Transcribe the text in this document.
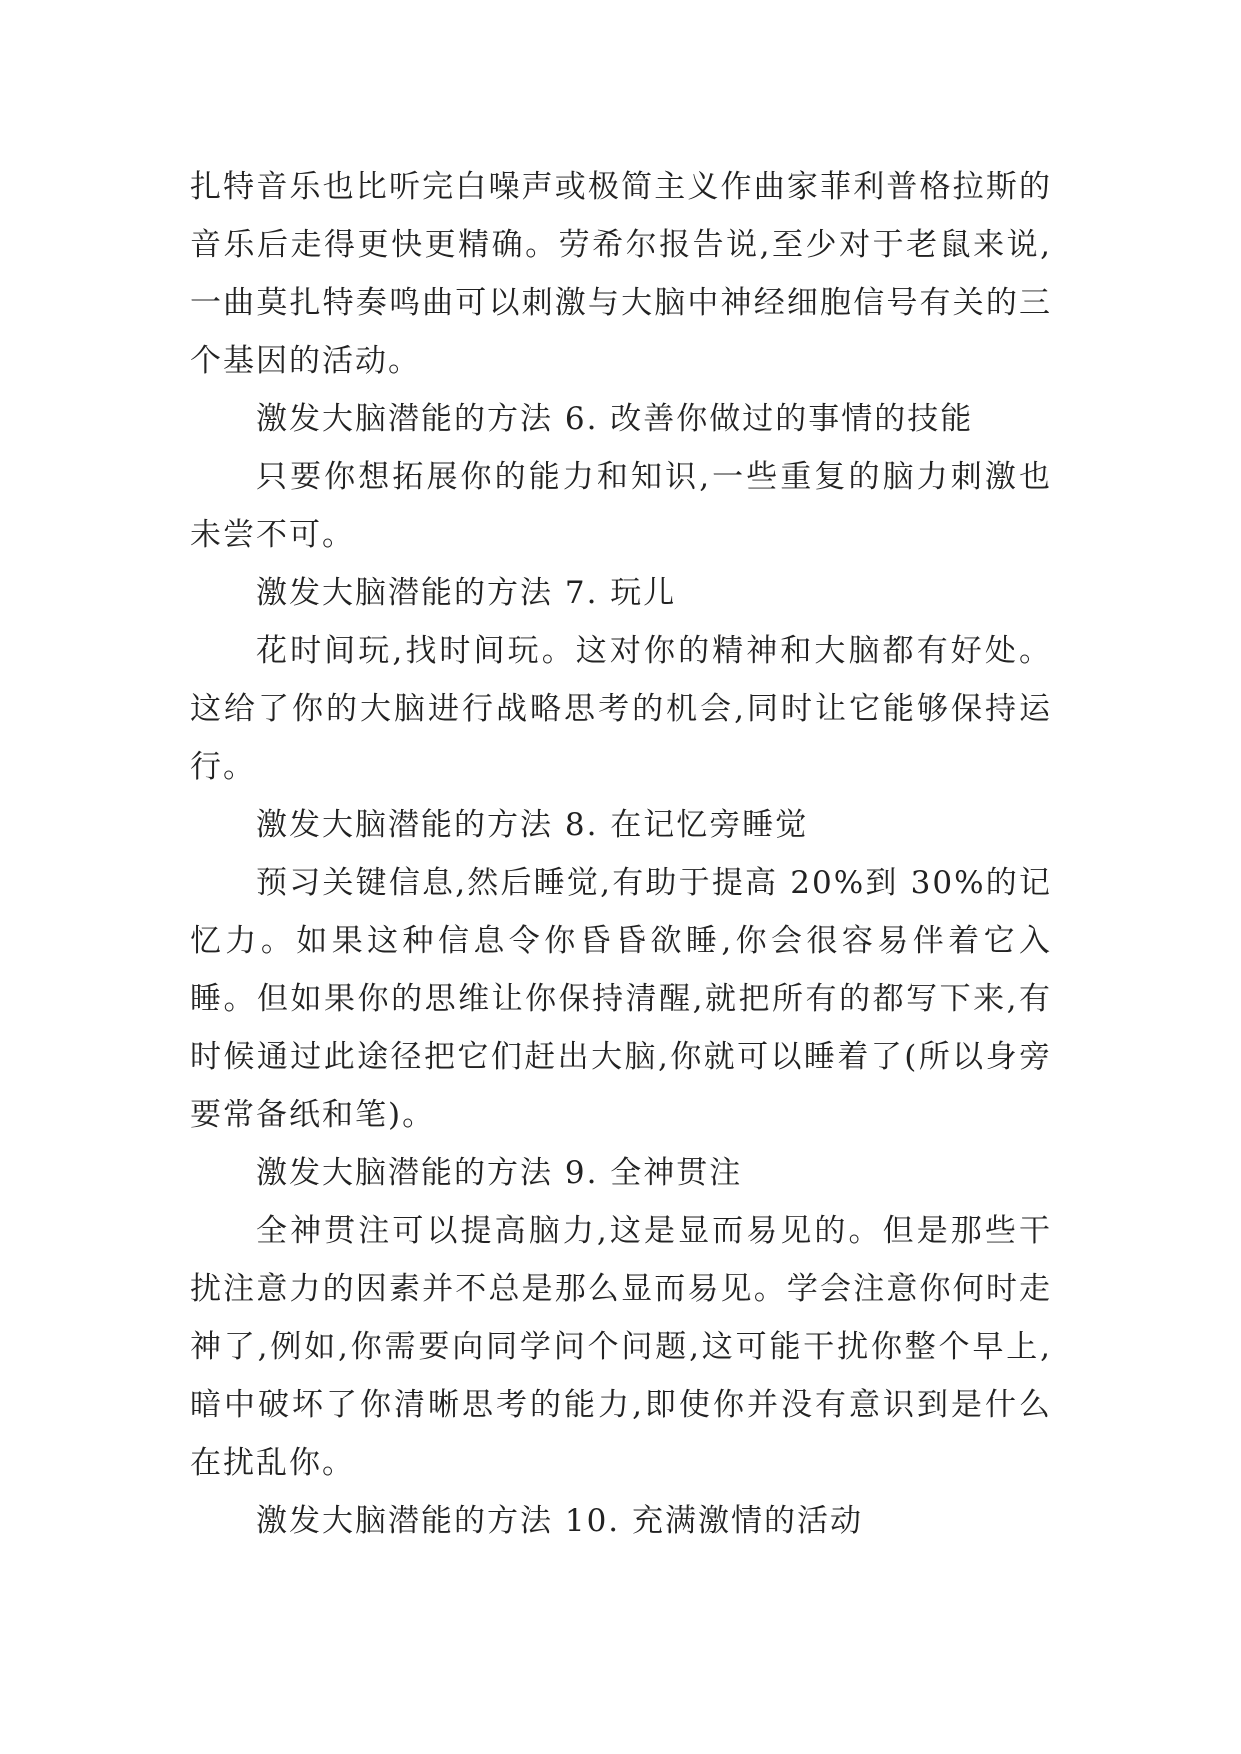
扎特音乐也比听完白噪声或极简主义作曲家菲利普格拉斯的音乐后走得更快更精确。劳希尔报告说,至少对于老鼠来说,一曲莫扎特奏鸣曲可以刺激与大脑中神经细胞信号有关的三个基因的活动。

激发大脑潜能的方法 6. 改善你做过的事情的技能

只要你想拓展你的能力和知识,一些重复的脑力刺激也未尝不可。

激发大脑潜能的方法 7. 玩儿

花时间玩,找时间玩。这对你的精神和大脑都有好处。这给了你的大脑进行战略思考的机会,同时让它能够保持运行。

激发大脑潜能的方法 8. 在记忆旁睡觉

预习关键信息,然后睡觉,有助于提高 20%到 30%的记忆力。如果这种信息令你昏昏欲睡,你会很容易伴着它入睡。但如果你的思维让你保持清醒,就把所有的都写下来,有时候通过此途径把它们赶出大脑,你就可以睡着了(所以身旁要常备纸和笔)。

激发大脑潜能的方法 9. 全神贯注

全神贯注可以提高脑力,这是显而易见的。但是那些干扰注意力的因素并不总是那么显而易见。学会注意你何时走神了,例如,你需要向同学问个问题,这可能干扰你整个早上,暗中破坏了你清晰思考的能力,即使你并没有意识到是什么在扰乱你。

激发大脑潜能的方法 10. 充满激情的活动
